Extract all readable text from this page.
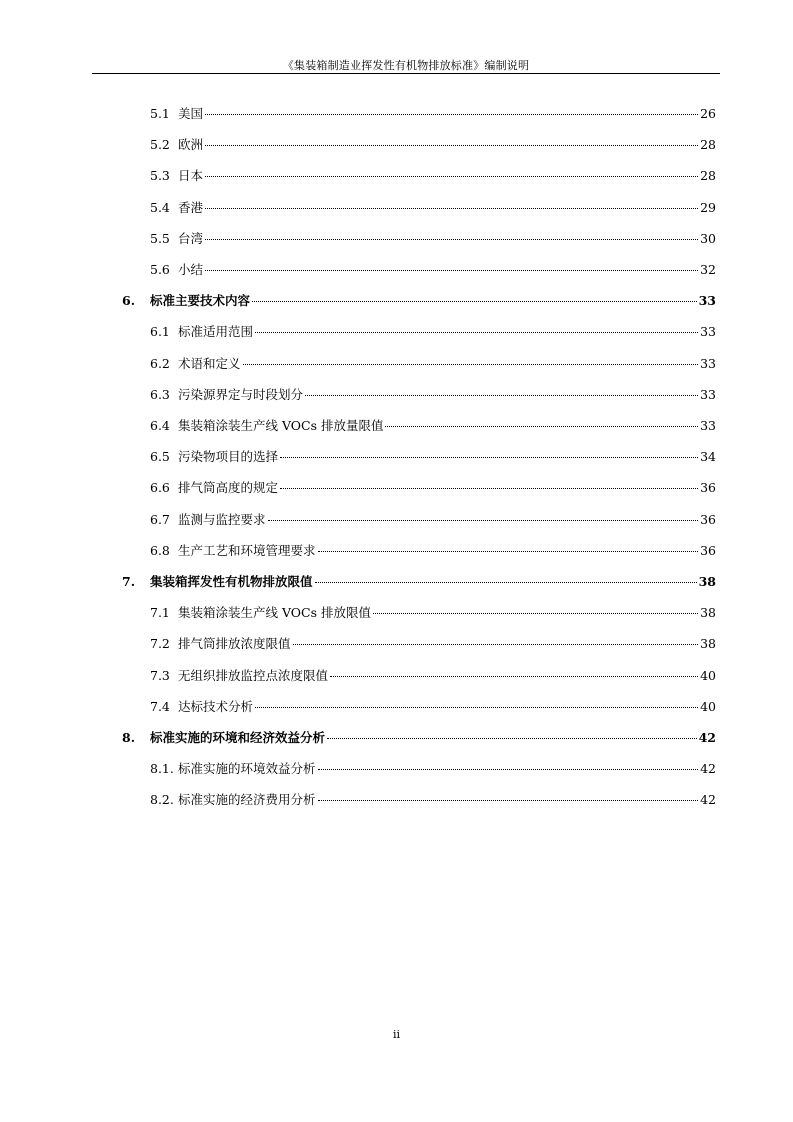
《集装箱制造业挥发性有机物排放标准》编制说明
5.1 美国	26
5.2 欧洲	28
5.3 日本	28
5.4 香港	29
5.5 台湾	30
5.6 小结	32
6.	标准主要技术内容	33
6.1 标准适用范围	33
6.2 术语和定义	33
6.3 污染源界定与时段划分	33
6.4 集装箱涂装生产线 VOCs 排放量限值	33
6.5 污染物项目的选择	34
6.6 排气筒高度的规定	36
6.7 监测与监控要求	36
6.8 生产工艺和环境管理要求	36
7.	集装箱挥发性有机物排放限值	38
7.1 集装箱涂装生产线 VOCs 排放限值	38
7.2 排气筒排放浓度限值	38
7.3 无组织排放监控点浓度限值	40
7.4 达标技术分析	40
8.	标准实施的环境和经济效益分析	42
8.1. 标准实施的环境效益分析	42
8.2. 标准实施的经济费用分析	42
ii
